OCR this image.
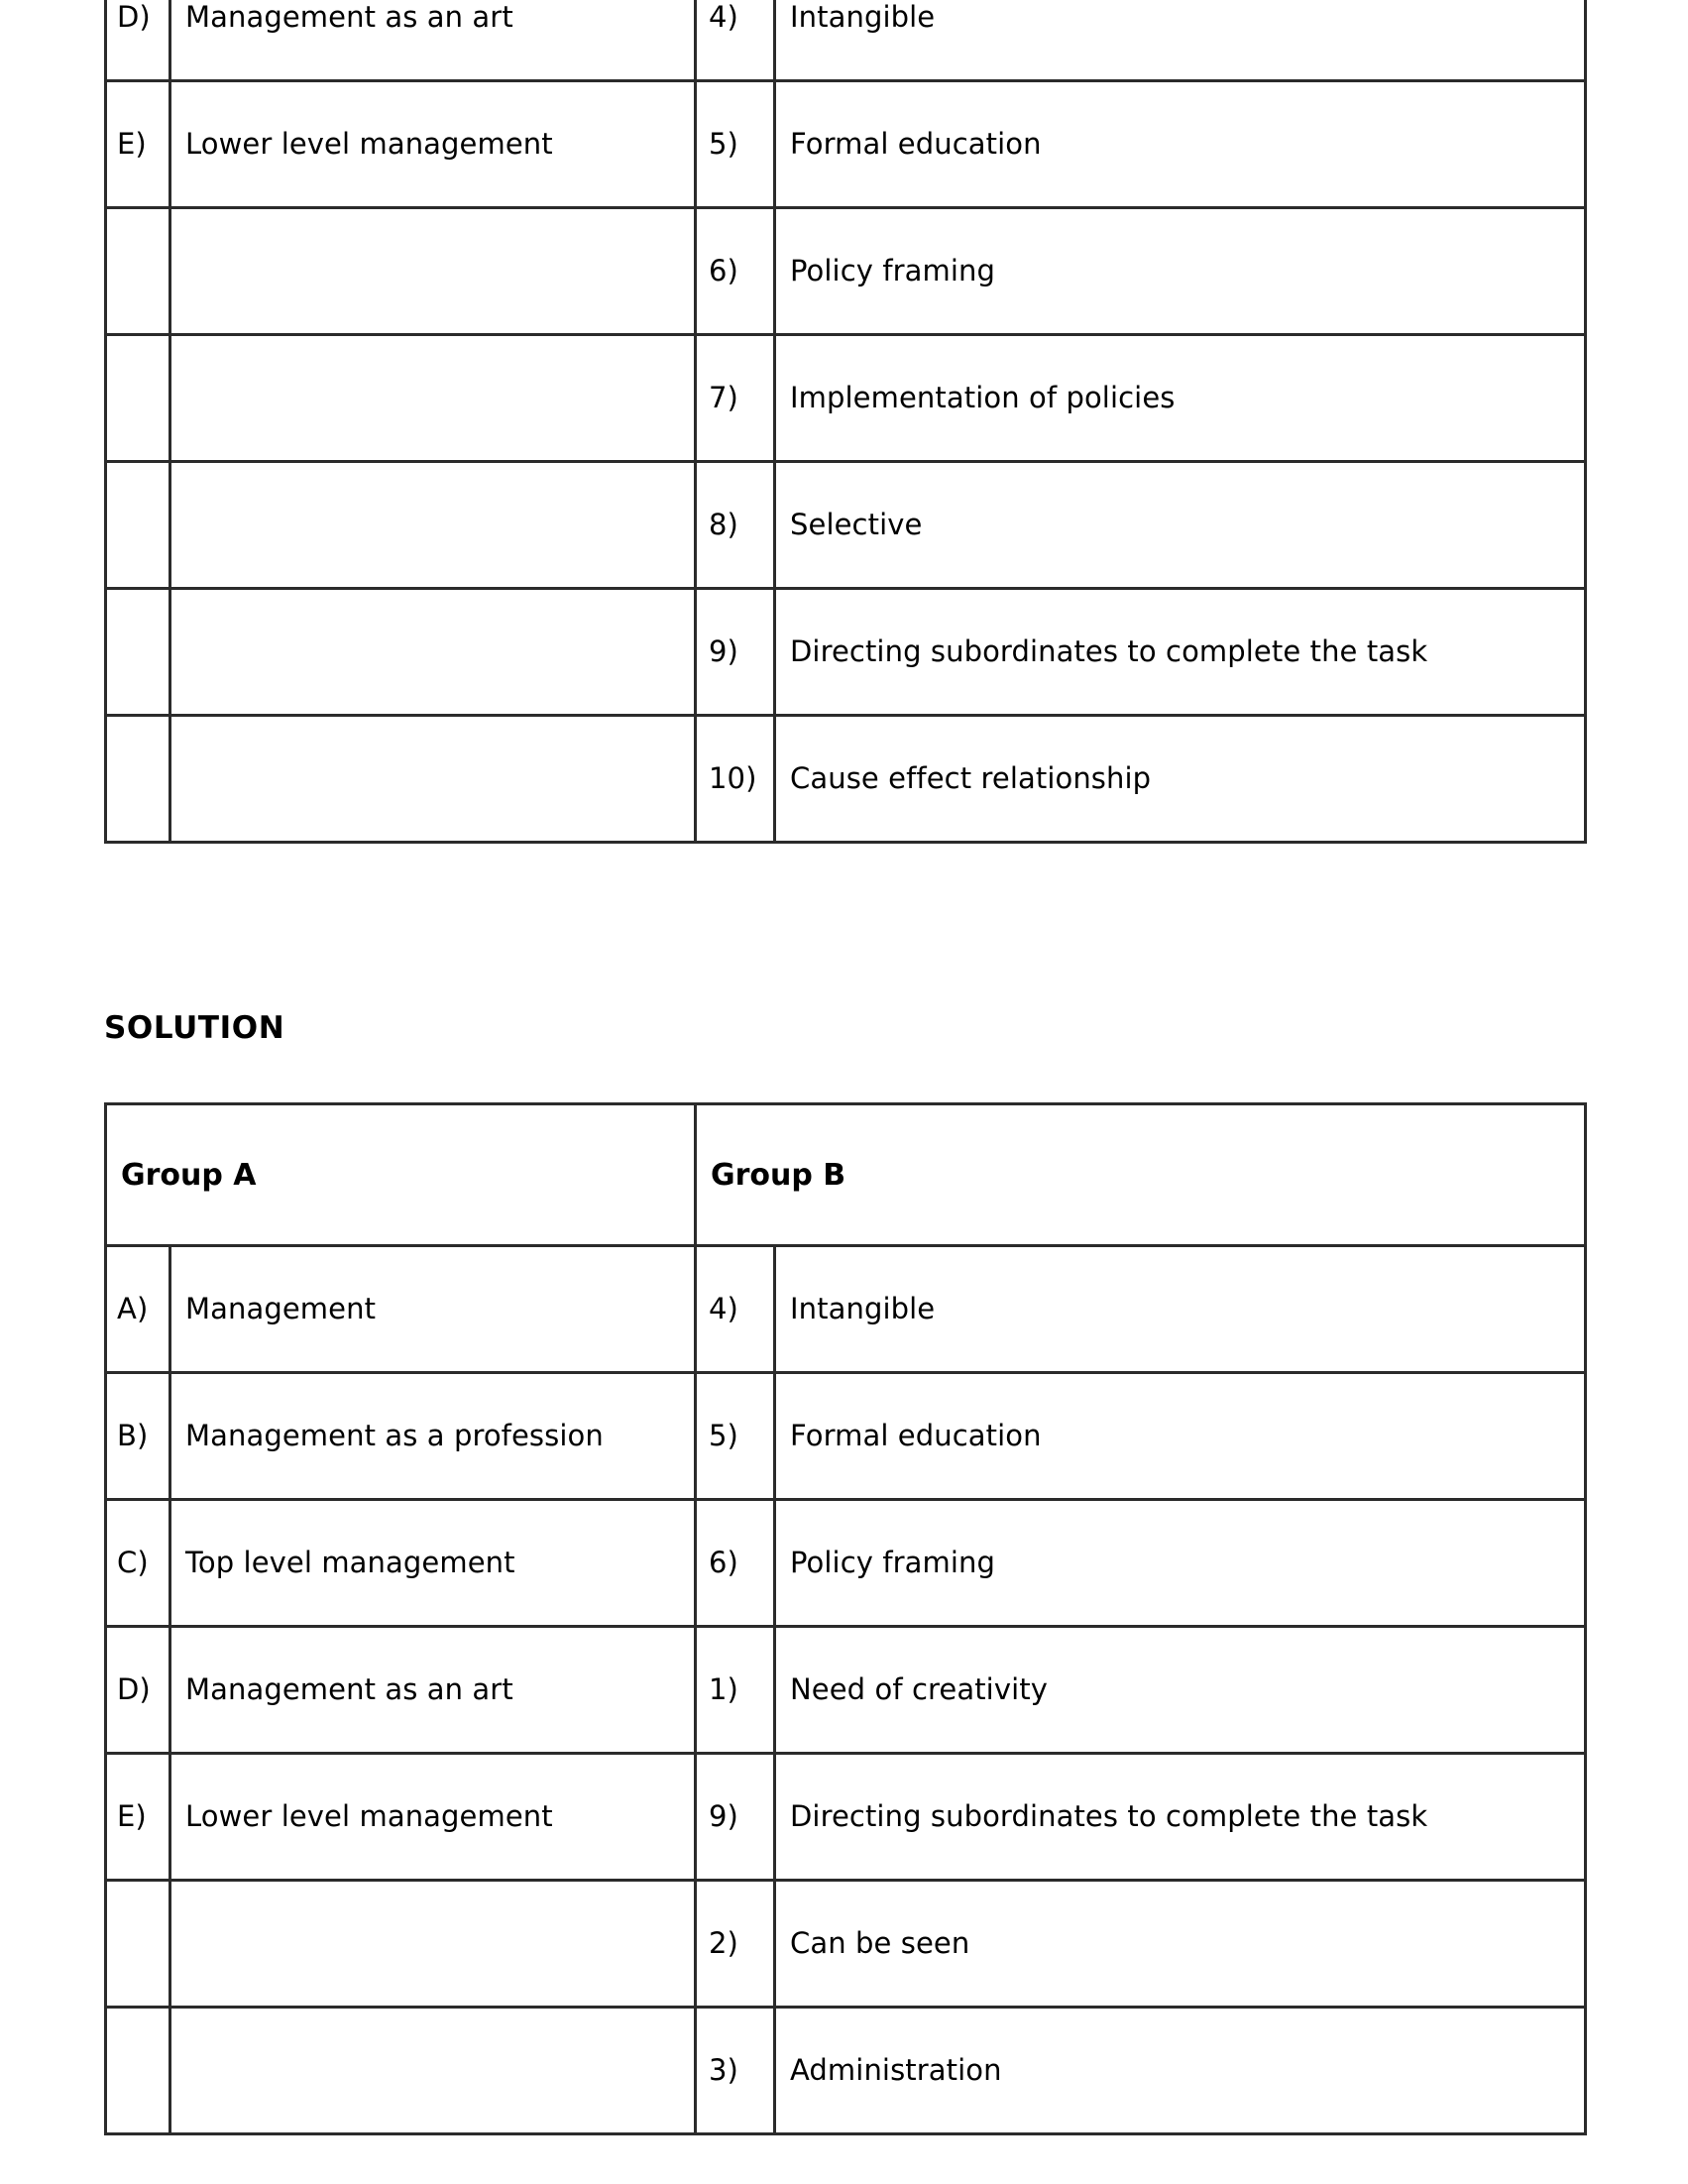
D)	Management as an art	4)	Intangible

E)	Lower level management	5)	Formal education

		6)	Policy framing

		7)	Implementation of policies

		8)	Selective

		9)	Directing subordinates to complete the task

		10)	Cause effect relationship
SOLUTION
Group A		Group B	

A)	Management	4)	Intangible

B)	Management as a profession	5)	Formal education

C)	Top level management	6)	Policy framing

D)	Management as an art	1)	Need of creativity

E)	Lower level management	9)	Directing subordinates to complete the task

		2)	Can be seen

		3)	Administration
